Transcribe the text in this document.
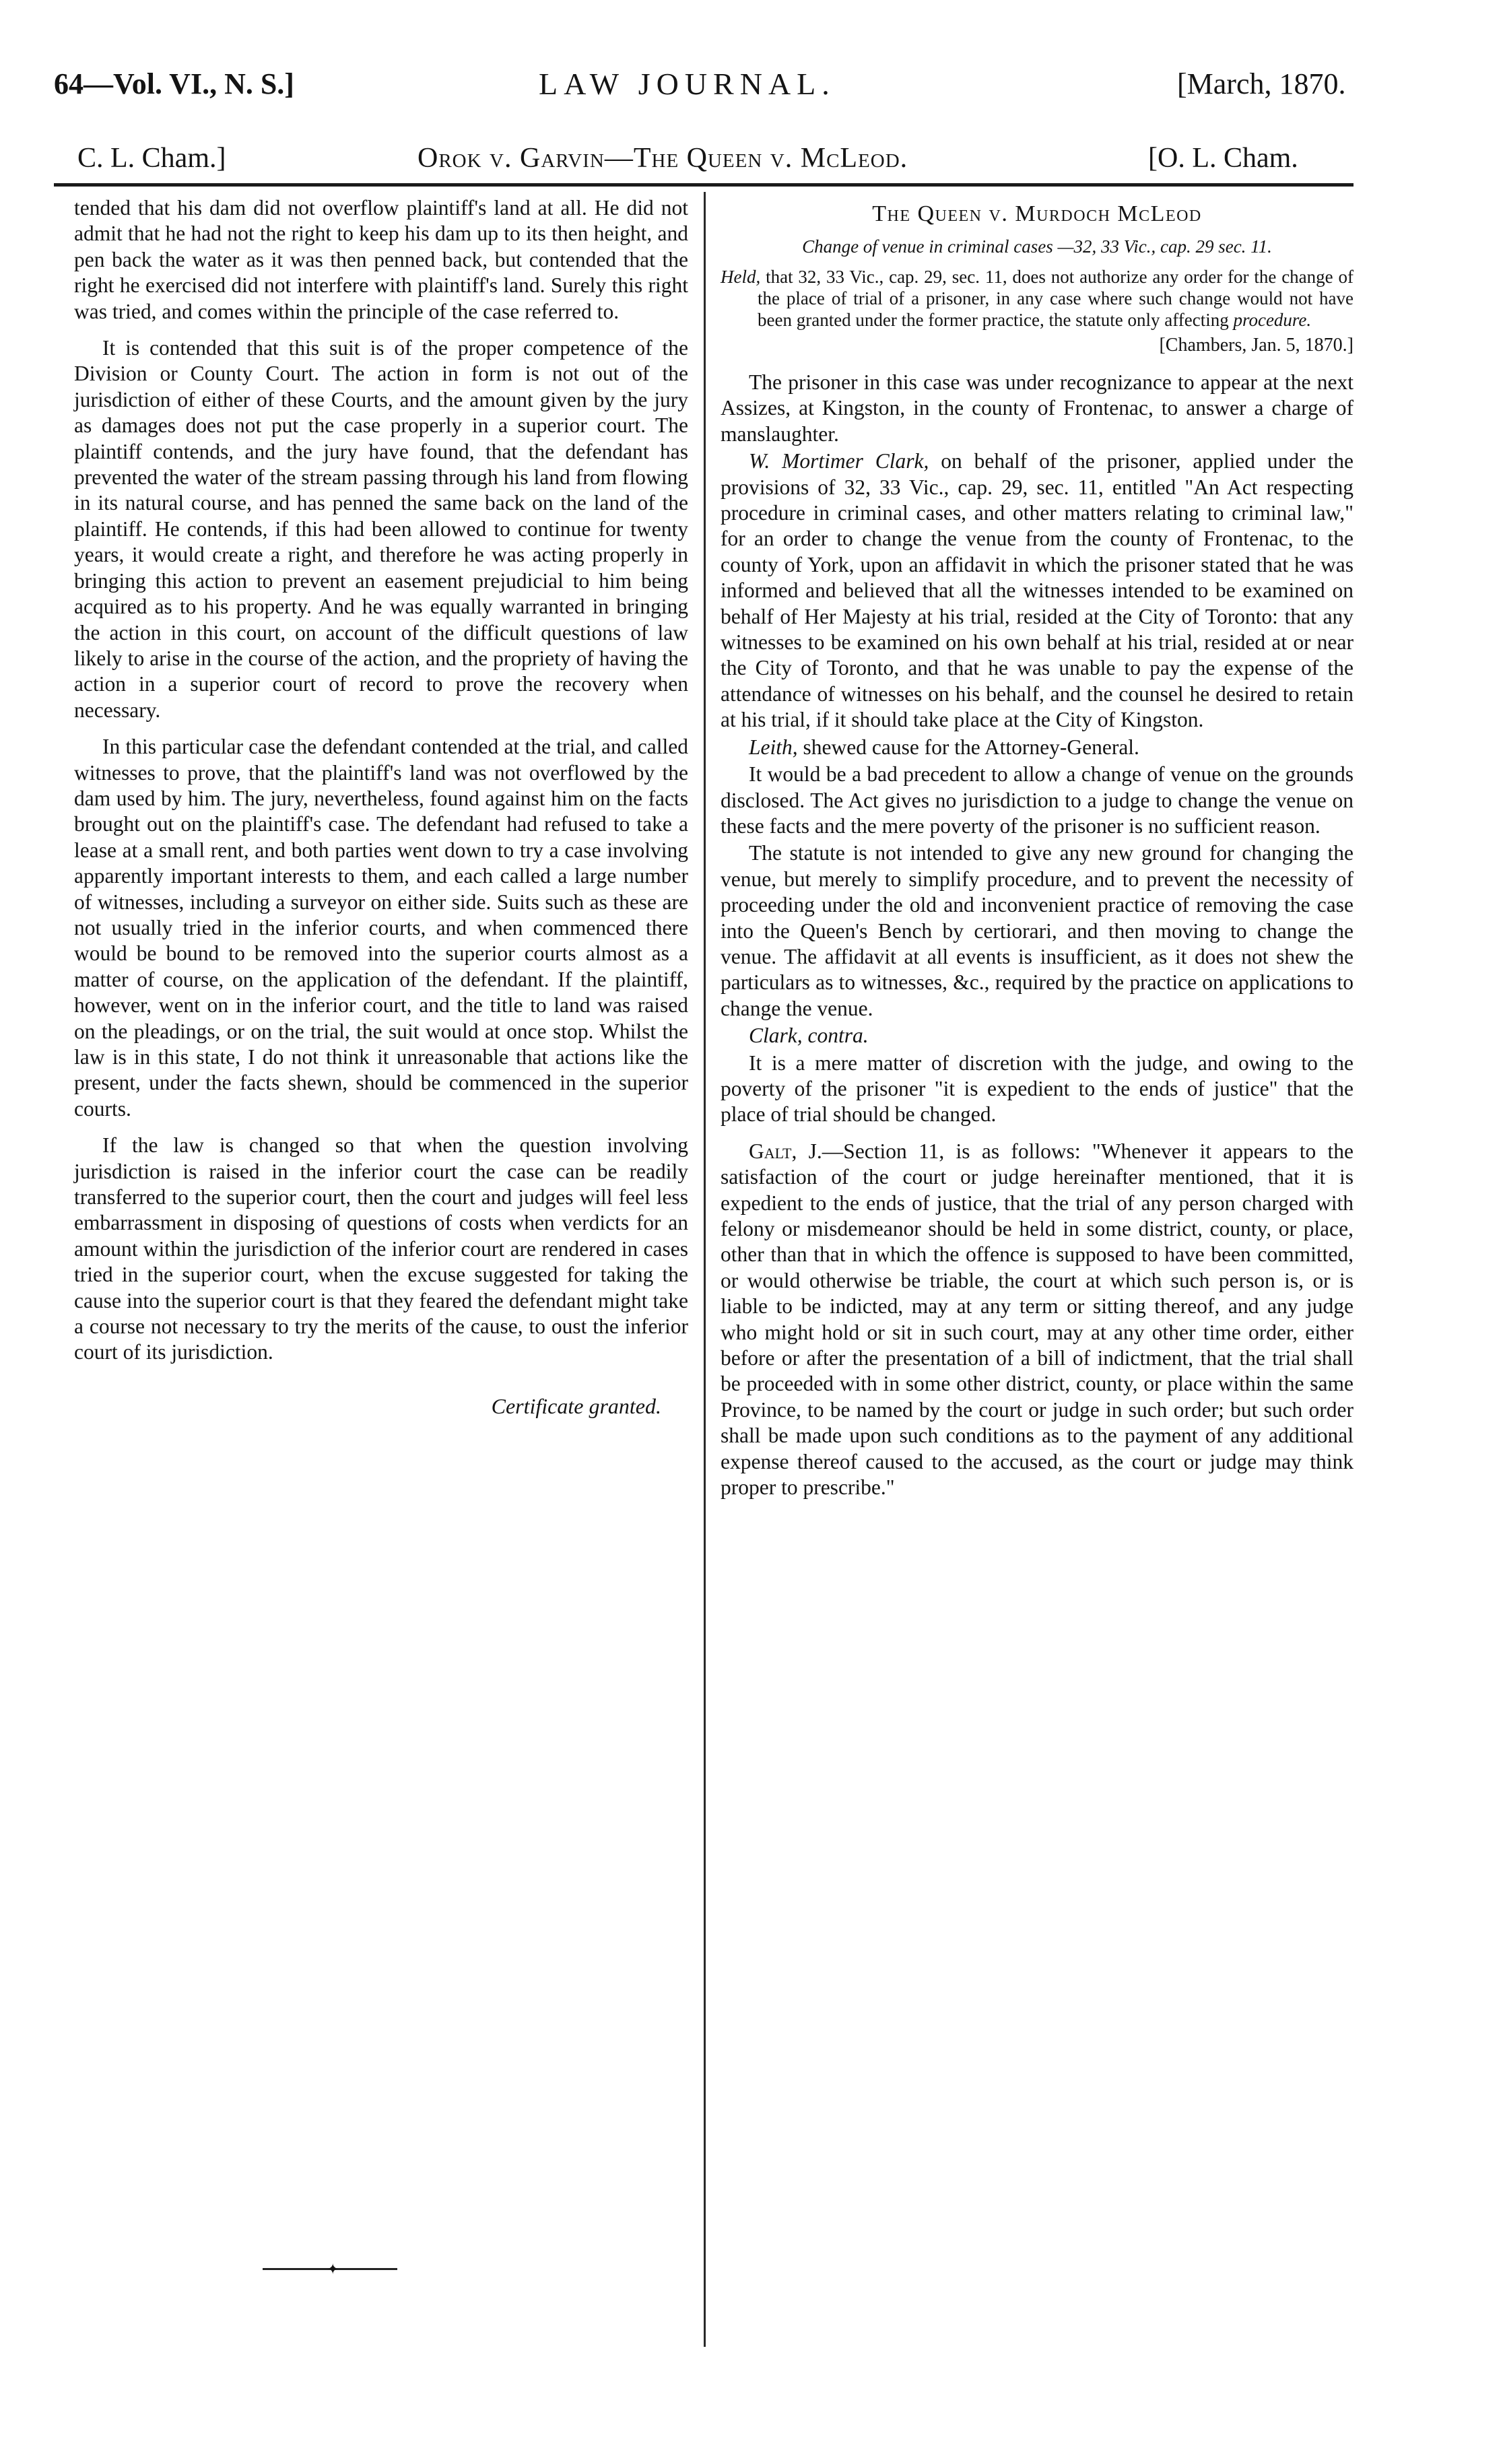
64—Vol. VI., N. S.]	LAW JOURNAL.	[March, 1870.
C. L. Cham.]	Orok v. Garvin—The Queen v. McLeod.	[O. L. Cham.

tended that his dam did not overflow plaintiff's land at all. He did not admit that he had not the right to keep his dam up to its then height, and pen back the water as it was then penned back, but contended that the right he exercised did not interfere with plaintiff's land. Surely this right was tried, and comes within the principle of the case referred to.

It is contended that this suit is of the proper competence of the Division or County Court. The action in form is not out of the jurisdiction of either of these Courts, and the amount given by the jury as damages does not put the case properly in a superior court. The plaintiff contends, and the jury have found, that the defendant has prevented the water of the stream passing through his land from flowing in its natural course, and has penned the same back on the land of the plaintiff. He contends, if this had been allowed to continue for twenty years, it would create a right, and therefore he was acting properly in bringing this action to prevent an easement prejudicial to him being acquired as to his property. And he was equally warranted in bringing the action in this court, on account of the difficult questions of law likely to arise in the course of the action, and the propriety of having the action in a superior court of record to prove the recovery when necessary.

In this particular case the defendant contended at the trial, and called witnesses to prove, that the plaintiff's land was not overflowed by the dam used by him. The jury, nevertheless, found against him on the facts brought out on the plaintiff's case. The defendant had refused to take a lease at a small rent, and both parties went down to try a case involving apparently important interests to them, and each called a large number of witnesses, including a surveyor on either side. Suits such as these are not usually tried in the inferior courts, and when commenced there would be bound to be removed into the superior courts almost as a matter of course, on the application of the defendant. If the plaintiff, however, went on in the inferior court, and the title to land was raised on the pleadings, or on the trial, the suit would at once stop. Whilst the law is in this state, I do not think it unreasonable that actions like the present, under the facts shewn, should be commenced in the superior courts.

If the law is changed so that when the question involving jurisdiction is raised in the inferior court the case can be readily transferred to the superior court, then the court and judges will feel less embarrassment in disposing of questions of costs when verdicts for an amount within the jurisdiction of the inferior court are rendered in cases tried in the superior court, when the excuse suggested for taking the cause into the superior court is that they feared the defendant might take a course not necessary to try the merits of the cause, to oust the inferior court of its jurisdiction.

Certificate granted.

✦

The Queen v. Murdoch McLeod

Change of venue in criminal cases —32, 33 Vic., cap. 29 sec. 11.

Held, that 32, 33 Vic., cap. 29, sec. 11, does not authorize any order for the change of the place of trial of a prisoner, in any case where such change would not have been granted under the former practice, the statute only affecting procedure.

[Chambers, Jan. 5, 1870.]

The prisoner in this case was under recognizance to appear at the next Assizes, at Kingston, in the county of Frontenac, to answer a charge of manslaughter.

W. Mortimer Clark, on behalf of the prisoner, applied under the provisions of 32, 33 Vic., cap. 29, sec. 11, entitled "An Act respecting procedure in criminal cases, and other matters relating to criminal law," for an order to change the venue from the county of Frontenac, to the county of York, upon an affidavit in which the prisoner stated that he was informed and believed that all the witnesses intended to be examined on behalf of Her Majesty at his trial, resided at the City of Toronto: that any witnesses to be examined on his own behalf at his trial, resided at or near the City of Toronto, and that he was unable to pay the expense of the attendance of witnesses on his behalf, and the counsel he desired to retain at his trial, if it should take place at the City of Kingston.

Leith, shewed cause for the Attorney-General.

It would be a bad precedent to allow a change of venue on the grounds disclosed. The Act gives no jurisdiction to a judge to change the venue on these facts and the mere poverty of the prisoner is no sufficient reason.

The statute is not intended to give any new ground for changing the venue, but merely to simplify procedure, and to prevent the necessity of proceeding under the old and inconvenient practice of removing the case into the Queen's Bench by certiorari, and then moving to change the venue. The affidavit at all events is insufficient, as it does not shew the particulars as to witnesses, &c., required by the practice on applications to change the venue.

Clark, contra.

It is a mere matter of discretion with the judge, and owing to the poverty of the prisoner "it is expedient to the ends of justice" that the place of trial should be changed.

Galt, J.—Section 11, is as follows: "Whenever it appears to the satisfaction of the court or judge hereinafter mentioned, that it is expedient to the ends of justice, that the trial of any person charged with felony or misdemeanor should be held in some district, county, or place, other than that in which the offence is supposed to have been committed, or would otherwise be triable, the court at which such person is, or is liable to be indicted, may at any term or sitting thereof, and any judge who might hold or sit in such court, may at any other time order, either before or after the presentation of a bill of indictment, that the trial shall be proceeded with in some other district, county, or place within the same Province, to be named by the court or judge in such order; but such order shall be made upon such conditions as to the payment of any additional expense thereof caused to the accused, as the court or judge may think proper to prescribe."
